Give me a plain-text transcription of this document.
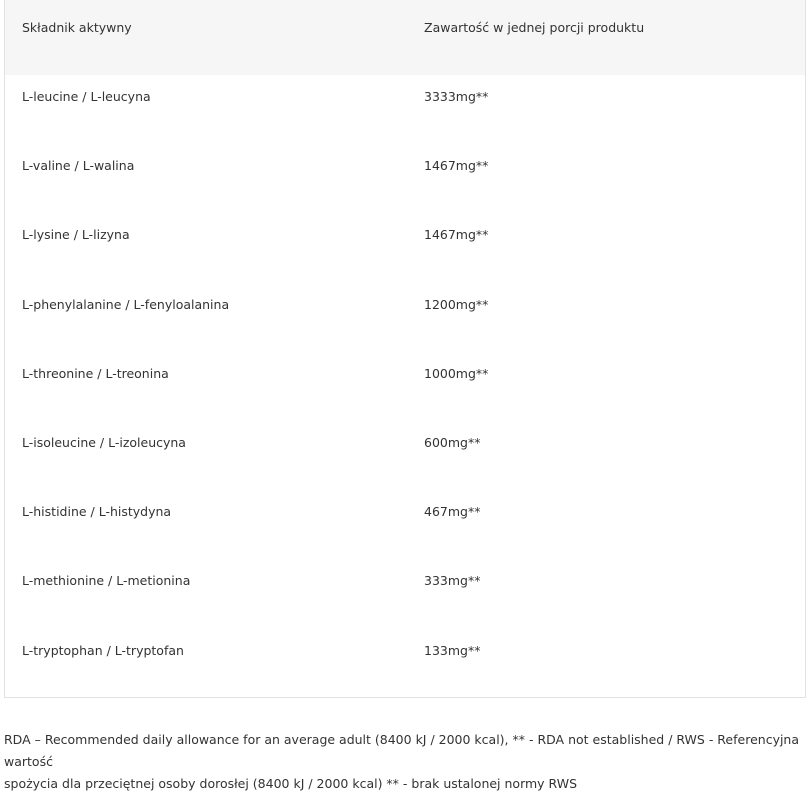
Składnik aktywny	Zawartość w jednej porcji produktu
L-leucine / L-leucyna	3333mg**
L-valine / L-walina	1467mg**
L-lysine / L-lizyna	1467mg**
L-phenylalanine / L-fenyloalanina	1200mg**
L-threonine / L-treonina	1000mg**
L-isoleucine / L-izoleucyna	600mg**
L-histidine / L-histydyna	467mg**
L-methionine / L-metionina	333mg**
L-tryptophan / L-tryptofan	133mg**
RDA – Recommended daily allowance for an average adult (8400 kJ / 2000 kcal), ** - RDA not established / RWS - Referencyjna wartość
spożycia dla przeciętnej osoby dorosłej (8400 kJ / 2000 kcal) ** - brak ustalonej normy RWS
